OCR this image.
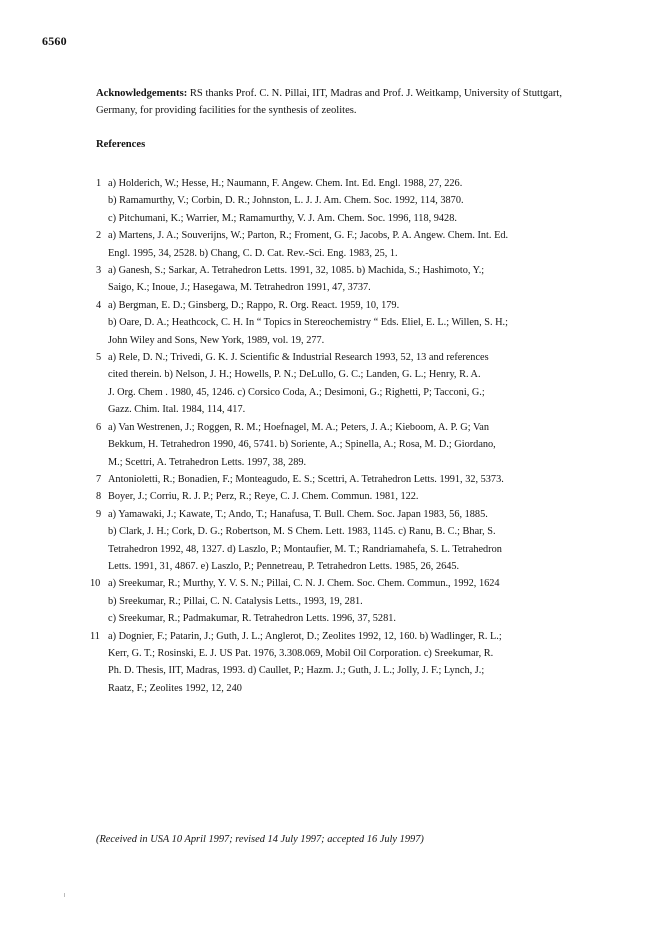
6560
Acknowledgements: RS thanks Prof. C. N. Pillai, IIT, Madras and Prof. J. Weitkamp, University of Stuttgart, Germany, for providing facilities for the synthesis of zeolites.
References
1 a) Holderich, W.; Hesse, H.; Naumann, F. Angew. Chem. Int. Ed. Engl. 1988, 27, 226.
b) Ramamurthy, V.; Corbin, D. R.; Johnston, L. J. J. Am. Chem. Soc. 1992, 114, 3870.
c) Pitchumani, K.; Warrier, M.; Ramamurthy, V. J. Am. Chem. Soc. 1996, 118, 9428.
2 a) Martens, J. A.; Souverijns, W.; Parton, R.; Froment, G. F.; Jacobs, P. A. Angew. Chem. Int. Ed.
Engl. 1995, 34, 2528. b) Chang, C. D. Cat. Rev.-Sci. Eng. 1983, 25, 1.
3 a) Ganesh, S.; Sarkar, A. Tetrahedron Letts. 1991, 32, 1085. b) Machida, S.; Hashimoto, Y.;
Saigo, K.; Inoue, J.; Hasegawa, M. Tetrahedron 1991, 47, 3737.
4 a) Bergman, E. D.; Ginsberg, D.; Rappo, R. Org. React. 1959, 10, 179.
b) Oare, D. A.; Heathcock, C. H. In “ Topics in Stereochemistry “ Eds. Eliel, E. L.; Willen, S. H.;
John Wiley and Sons, New York, 1989, vol. 19, 277.
5 a) Rele, D. N.; Trivedi, G. K. J. Scientific & Industrial Research 1993, 52, 13 and references
cited therein. b) Nelson, J. H.; Howells, P. N.; DeLullo, G. C.; Landen, G. L.; Henry, R. A.
J. Org. Chem . 1980, 45, 1246. c) Corsico Coda, A.; Desimoni, G.; Righetti, P; Tacconi, G.;
Gazz. Chim. Ital. 1984, 114, 417.
6 a) Van Westrenen, J.; Roggen, R. M.; Hoefnagel, M. A.; Peters, J. A.; Kieboom, A. P. G; Van
Bekkum, H. Tetrahedron 1990, 46, 5741. b) Soriente, A.; Spinella, A.; Rosa, M. D.; Giordano,
M.; Scettri, A. Tetrahedron Letts. 1997, 38, 289.
7 Antonioletti, R.; Bonadien, F.; Monteagudo, E. S.; Scettri, A. Tetrahedron Letts. 1991, 32, 5373.
8 Boyer, J.; Corriu, R. J. P.; Perz, R.; Reye, C. J. Chem. Commun. 1981, 122.
9 a) Yamawaki, J.; Kawate, T.; Ando, T.; Hanafusa, T. Bull. Chem. Soc. Japan 1983, 56, 1885.
b) Clark, J. H.; Cork, D. G.; Robertson, M. S Chem. Lett. 1983, 1145. c) Ranu, B. C.; Bhar, S.
Tetrahedron 1992, 48, 1327. d) Laszlo, P.; Montaufier, M. T.; Randriamahefa, S. L. Tetrahedron
Letts. 1991, 31, 4867. e) Laszlo, P.; Pennetreau, P. Tetrahedron Letts. 1985, 26, 2645.
10 a) Sreekumar, R.; Murthy, Y. V. S. N.; Pillai, C. N. J. Chem. Soc. Chem. Commun., 1992, 1624
b) Sreekumar, R.; Pillai, C. N. Catalysis Letts., 1993, 19, 281.
c) Sreekumar, R.; Padmakumar, R. Tetrahedron Letts. 1996, 37, 5281.
11 a) Dognier, F.; Patarin, J.; Guth, J. L.; Anglerot, D.; Zeolites 1992, 12, 160. b) Wadlinger, R. L.;
Kerr, G. T.; Rosinski, E. J. US Pat. 1976, 3.308.069, Mobil Oil Corporation. c) Sreekumar, R.
Ph. D. Thesis, IIT, Madras, 1993. d) Caullet, P.; Hazm. J.; Guth, J. L.; Jolly, J. F.; Lynch, J.;
Raatz, F.; Zeolites 1992, 12, 240
(Received in USA 10 April 1997; revised 14 July 1997; accepted 16 July 1997)
